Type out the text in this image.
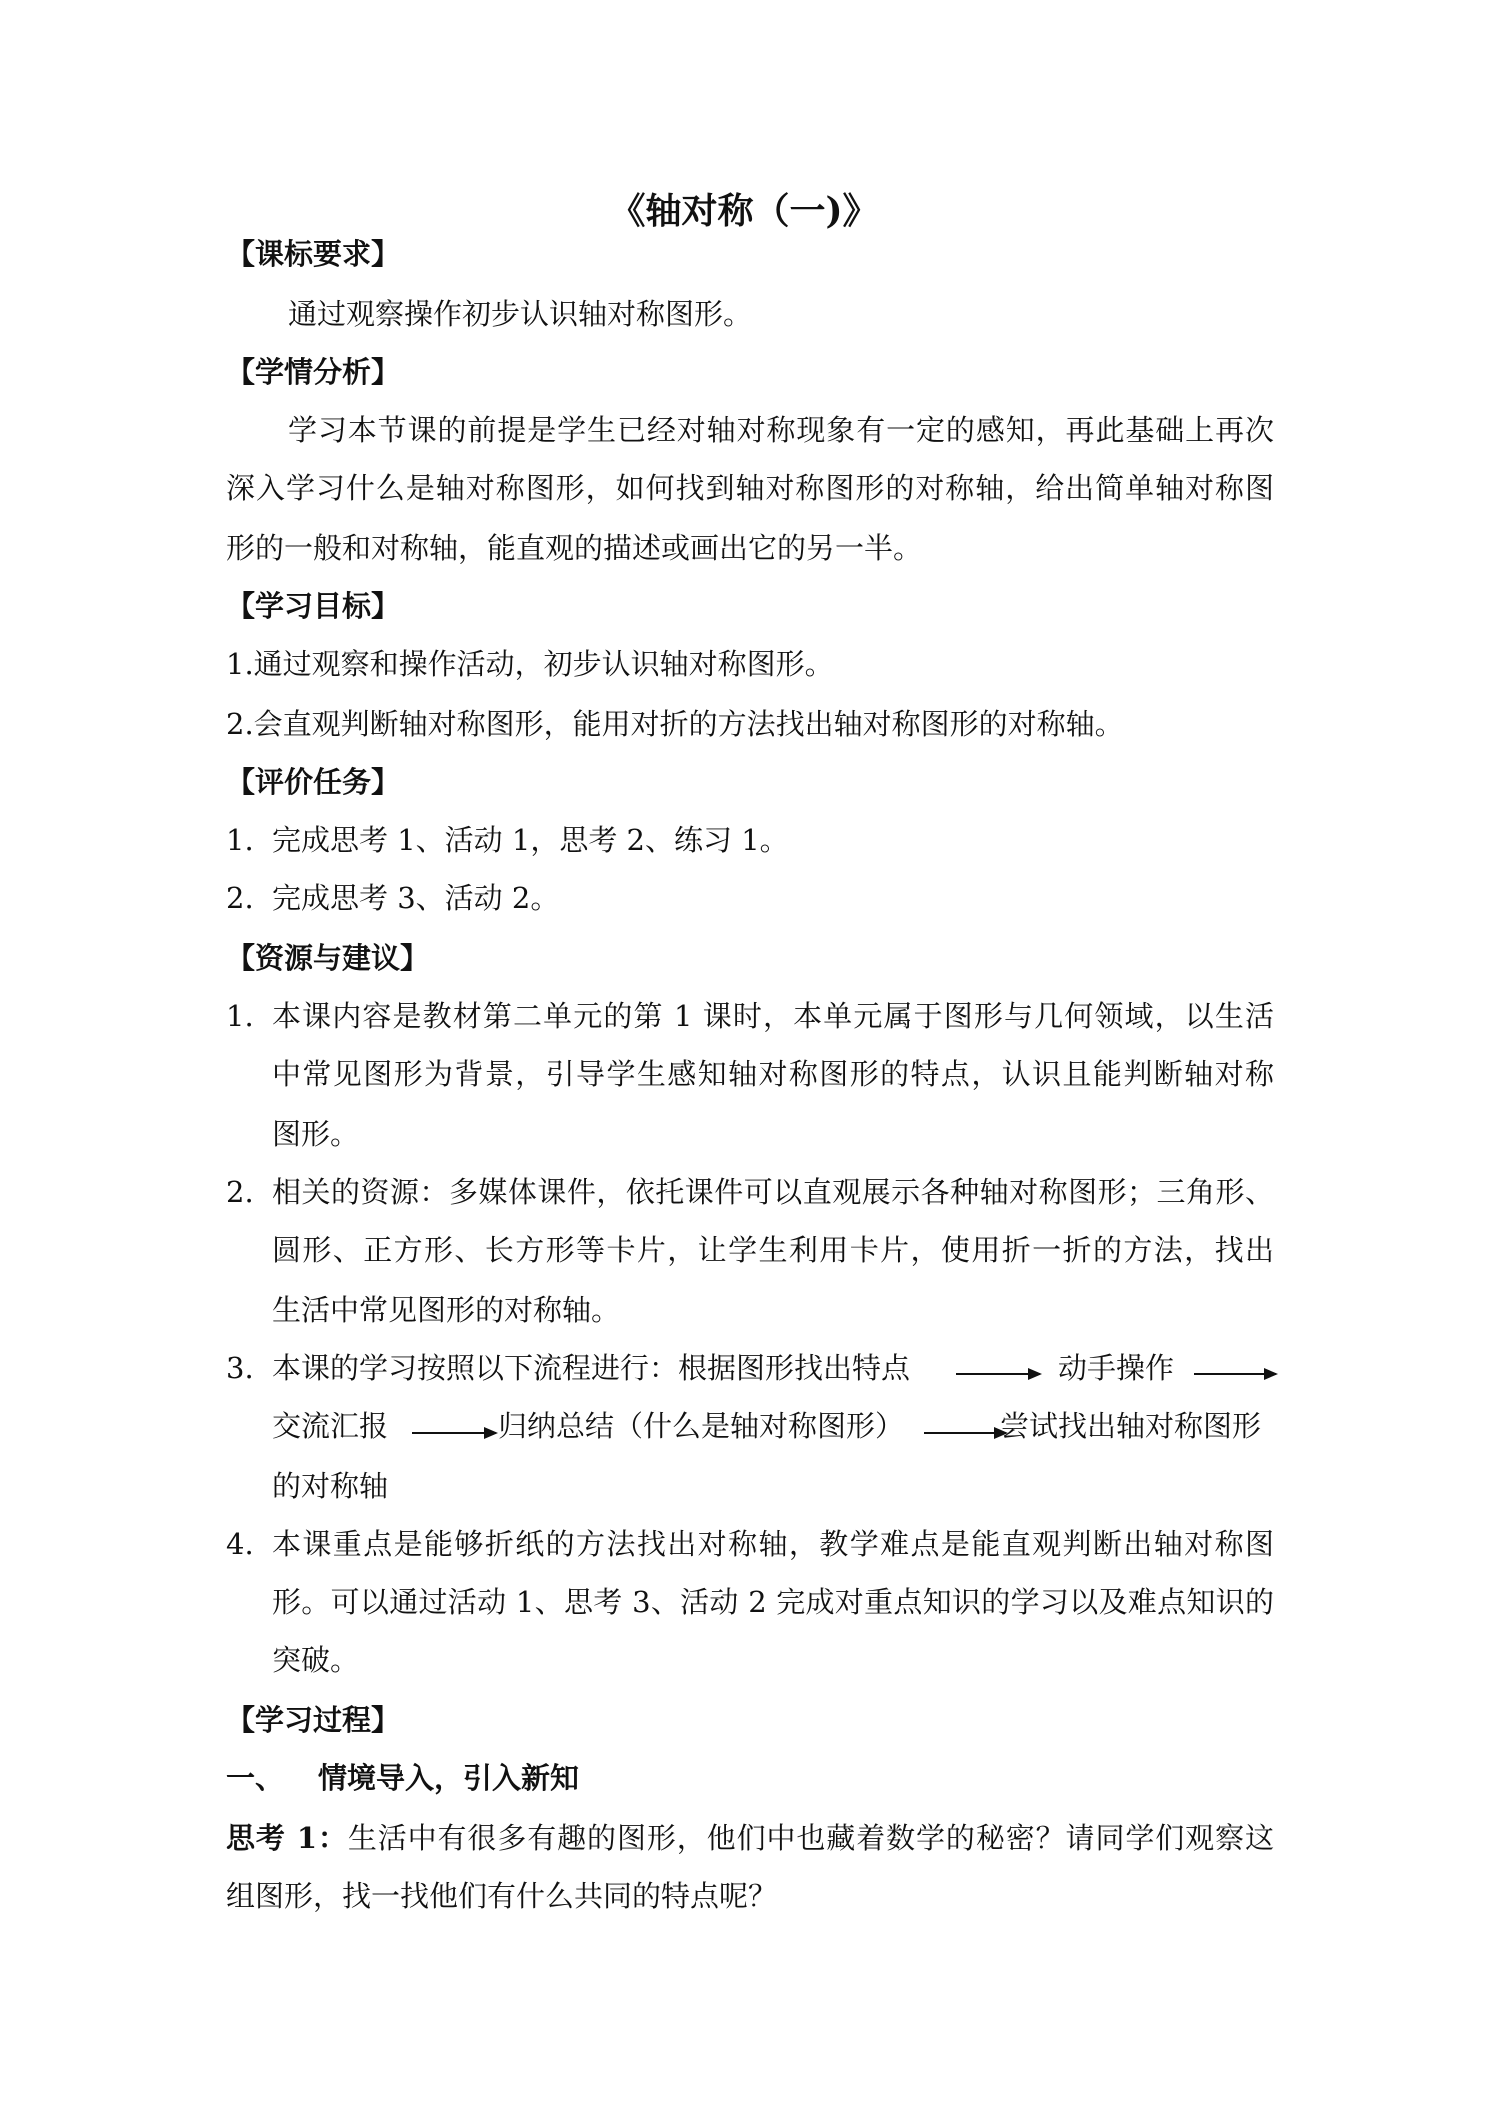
《轴对称（一)》
【课标要求】
通过观察操作初步认识轴对称图形。
【学情分析】
学习本节课的前提是学生已经对轴对称现象有一定的感知，再此基础上再次
深入学习什么是轴对称图形，如何找到轴对称图形的对称轴，给出简单轴对称图
形的一般和对称轴，能直观的描述或画出它的另一半。
【学习目标】
1.通过观察和操作活动，初步认识轴对称图形。
2.会直观判断轴对称图形，能用对折的方法找出轴对称图形的对称轴。
【评价任务】
1. 完成思考 1、活动 1，思考 2、练习 1。
2. 完成思考 3、活动 2。
【资源与建议】
1. 本课内容是教材第二单元的第 1 课时，本单元属于图形与几何领域，以生活
中常见图形为背景，引导学生感知轴对称图形的特点，认识且能判断轴对称
图形。
2. 相关的资源：多媒体课件，依托课件可以直观展示各种轴对称图形；三角形、
圆形、正方形、长方形等卡片，让学生利用卡片，使用折一折的方法，找出
生活中常见图形的对称轴。
3. 本课的学习按照以下流程进行：根据图形找出特点	动手操作
交流汇报	归纳总结（什么是轴对称图形）	尝试找出轴对称图形
的对称轴
4. 本课重点是能够折纸的方法找出对称轴，教学难点是能直观判断出轴对称图
形。可以通过活动 1、思考 3、活动 2 完成对重点知识的学习以及难点知识的
突破。
【学习过程】
一、 情境导入，引入新知
思考 1：生活中有很多有趣的图形，他们中也藏着数学的秘密？请同学们观察这
组图形，找一找他们有什么共同的特点呢？
